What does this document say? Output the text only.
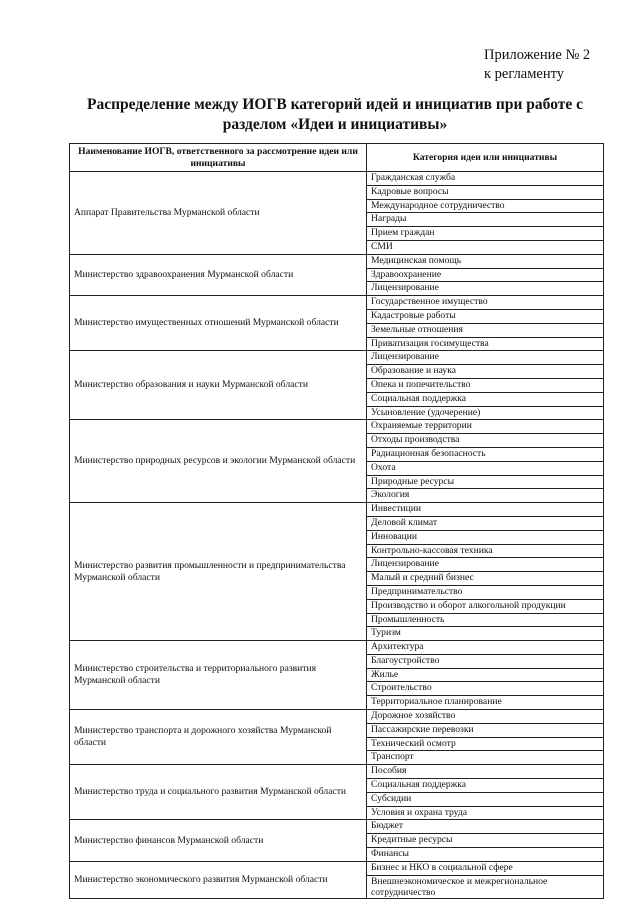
Приложение № 2
к регламенту
Распределение между ИОГВ категорий идей и инициатив при работе с
разделом «Идеи и инициативы»
Наименование ИОГВ, ответственного за рассмотрение идеи или инициативы	Категория идеи или инициативы
Аппарат Правительства Мурманской области	Гражданская служба
	Кадровые вопросы
	Международное сотрудничество
	Награды
	Прием граждан
	СМИ
Министерство здравоохранения Мурманской области	Медицинская помощь
	Здравоохранение
	Лицензирование
Министерство имущественных отношений Мурманской области	Государственное имущество
	Кадастровые работы
	Земельные отношения
	Приватизация госимущества
Министерство образования и науки Мурманской области	Лицензирование
	Образование и наука
	Опека и попечительство
	Социальная поддержка
	Усыновление (удочерение)
Министерство природных ресурсов и экологии Мурманской области	Охраняемые территории
	Отходы производства
	Радиационная безопасность
	Охота
	Природные ресурсы
	Экология
Министерство развития промышленности и предпринимательства Мурманской области	Инвестиции
	Деловой климат
	Инновации
	Контрольно-кассовая техника
	Лицензирование
	Малый и средний бизнес
	Предпринимательство
	Производство и оборот алкогольной продукции
	Промышленность
	Туризм
Министерство строительства и территориального развития Мурманской области	Архитектура
	Благоустройство
	Жилье
	Строительство
	Территориальное планирование
Министерство транспорта и дорожного хозяйства Мурманской области	Дорожное хозяйство
	Пассажирские перевозки
	Технический осмотр
	Транспорт
Министерство труда и социального развития Мурманской области	Пособия
	Социальная поддержка
	Субсидии
	Условия и охрана труда
Министерство финансов Мурманской области	Бюджет
	Кредитные ресурсы
	Финансы
Министерство экономического развития Мурманской области	Бизнес и НКО в социальной сфере
	Внешнеэкономическое и межрегиональное сотрудничество
